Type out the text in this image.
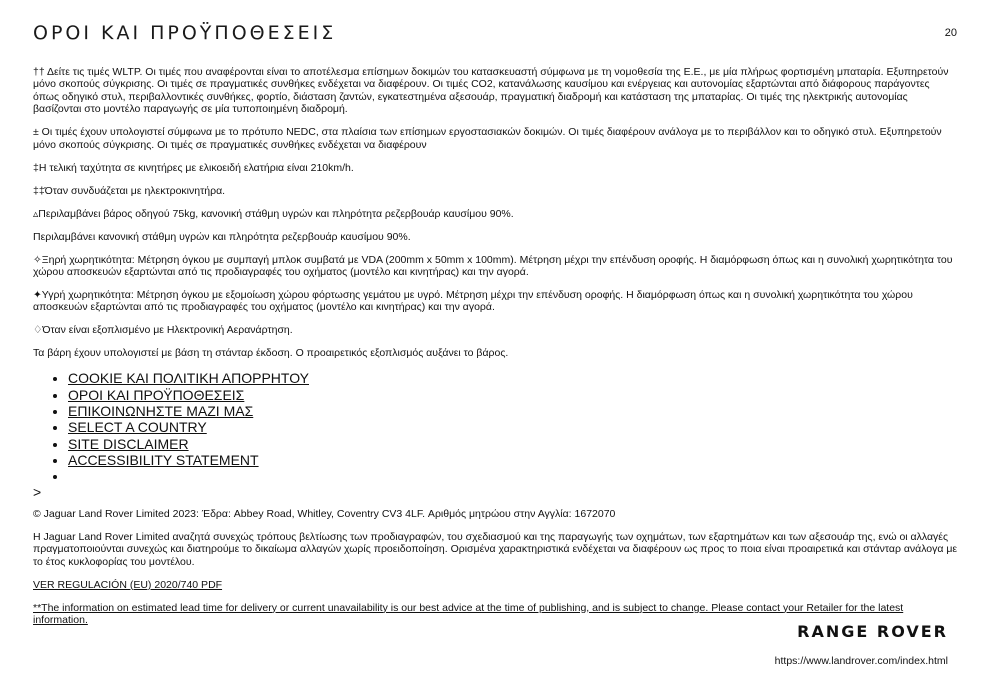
ΟΡΟΙ ΚΑΙ ΠΡΟΫΠΟΘΕΣΕΙΣ	20

†† Δείτε τις τιμές WLTP. Οι τιμές που αναφέρονται είναι το αποτέλεσμα επίσημων δοκιμών του κατασκευαστή σύμφωνα με τη νομοθεσία της Ε.Ε., με μία πλήρως φορτισμένη μπαταρία. Εξυπηρετούν μόνο σκοπούς σύγκρισης. Οι τιμές σε πραγματικές συνθήκες ενδέχεται να διαφέρουν. Οι τιμές CO2, κατανάλωσης καυσίμου και ενέργειας και αυτονομίας εξαρτώνται από διάφορους παράγοντες όπως οδηγικό στυλ, περιβαλλοντικές συνθήκες, φορτίο, διάσταση ζαντών, εγκατεστημένα αξεσουάρ, πραγματική διαδρομή και κατάσταση της μπαταρίας. Οι τιμές της ηλεκτρικής αυτονομίας βασίζονται στο μοντέλο παραγωγής σε μία τυποποιημένη διαδρομή.

± Οι τιμές έχουν υπολογιστεί σύμφωνα με το πρότυπο NEDC, στα πλαίσια των επίσημων εργοστασιακών δοκιμών. Οι τιμές διαφέρουν ανάλογα με το περιβάλλον και το οδηγικό στυλ. Εξυπηρετούν μόνο σκοπούς σύγκρισης. Οι τιμές σε πραγματικές συνθήκες ενδέχεται να διαφέρουν

‡Η τελική ταχύτητα σε κινητήρες με ελικοειδή ελατήρια είναι 210km/h.

‡‡Όταν συνδυάζεται με ηλεκτροκινητήρα.

▵Περιλαμβάνει βάρος οδηγού 75kg, κανονική στάθμη υγρών και πληρότητα ρεζερβουάρ καυσίμου 90%.

Περιλαμβάνει κανονική στάθμη υγρών και πληρότητα ρεζερβουάρ καυσίμου 90%.

✧Ξηρή χωρητικότητα: Μέτρηση όγκου με συμπαγή μπλοκ συμβατά με VDA (200mm x 50mm x 100mm). Μέτρηση μέχρι την επένδυση οροφής. Η διαμόρφωση όπως και η συνολική χωρητικότητα του χώρου αποσκευών εξαρτώνται από τις προδιαγραφές του οχήματος (μοντέλο και κινητήρας) και την αγορά.

✦Υγρή χωρητικότητα: Μέτρηση όγκου με εξομοίωση χώρου φόρτωσης γεμάτου με υγρό. Μέτρηση μέχρι την επένδυση οροφής. Η διαμόρφωση όπως και η συνολική χωρητικότητα του χώρου αποσκευών εξαρτώνται από τις προδιαγραφές του οχήματος (μοντέλο και κινητήρας) και την αγορά.

♢Όταν είναι εξοπλισμένο με Ηλεκτρονική Αερανάρτηση.

Τα βάρη έχουν υπολογιστεί με βάση τη στάνταρ έκδοση. Ο προαιρετικός εξοπλισμός αυξάνει το βάρος.

• COOKIE ΚΑΙ ΠΟΛΙΤΙΚΗ ΑΠΟΡΡΗΤΟΥ
• ΟΡΟΙ ΚΑΙ ΠΡΟΫΠΟΘΕΣΕΙΣ
• ΕΠΙΚΟΙΝΩΝΗΣΤΕ ΜΑΖΙ ΜΑΣ
• SELECT A COUNTRY
• SITE DISCLAIMER
• ACCESSIBILITY STATEMENT
•
>

© Jaguar Land Rover Limited 2023: Έδρα: Abbey Road, Whitley, Coventry CV3 4LF. Αριθμός μητρώου στην Αγγλία: 1672070

Η Jaguar Land Rover Limited αναζητά συνεχώς τρόπους βελτίωσης των προδιαγραφών, του σχεδιασμού και της παραγωγής των οχημάτων, των εξαρτημάτων και των αξεσουάρ της, ενώ οι αλλαγές πραγματοποιούνται συνεχώς και διατηρούμε το δικαίωμα αλλαγών χωρίς προειδοποίηση. Ορισμένα χαρακτηριστικά ενδέχεται να διαφέρουν ως προς το ποια είναι προαιρετικά και στάνταρ ανάλογα με το έτος κυκλοφορίας του μοντέλου.

VER REGULACIÓN (EU) 2020/740 PDF

**The information on estimated lead time for delivery or current unavailability is our best advice at the time of publishing, and is subject to change. Please contact your Retailer for the latest information.

RANGE ROVER
https://www.landrover.com/index.html
